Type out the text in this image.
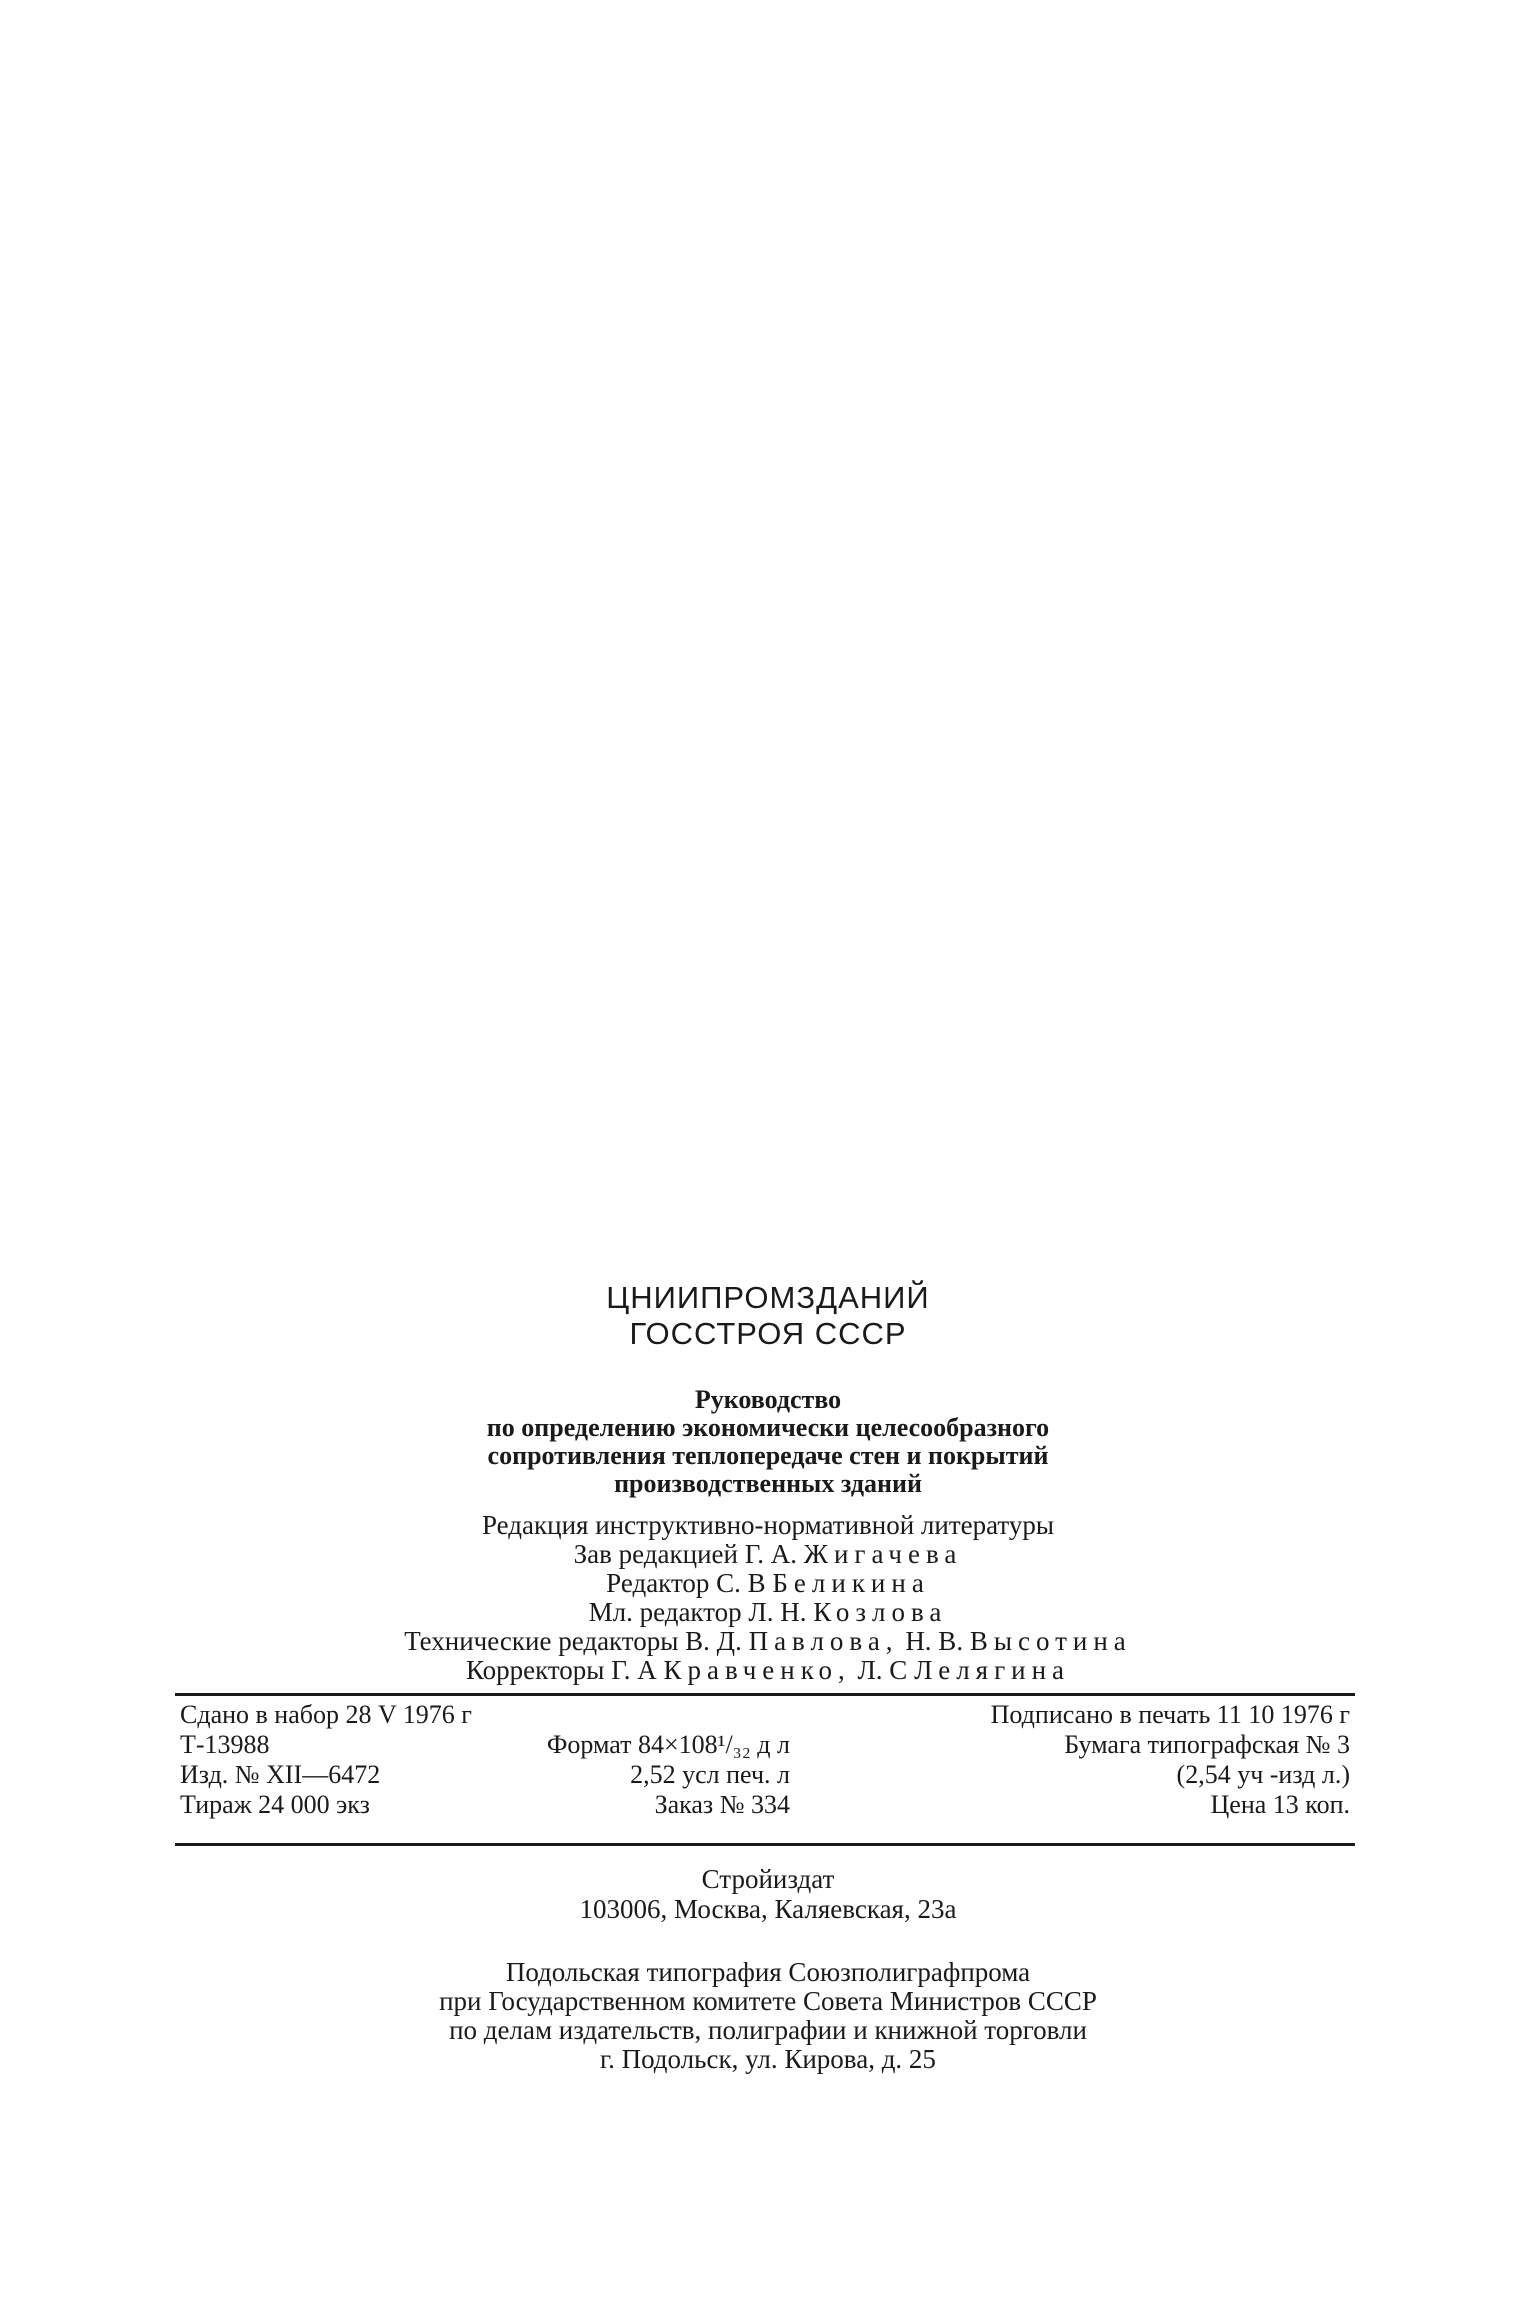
ЦНИИПРОМЗДАНИЙ
ГОССТРОЯ СССР
Руководство
по определению экономически целесообразного
сопротивления теплопередаче стен и покрытий
производственных зданий
Редакция инструктивно-нормативной литературы
Зав редакцией Г. А. Жигачева
Редактор С. В Беликина
Мл. редактор Л. Н. Козлова
Технические редакторы В. Д. Павлова, Н. В. Высотина
Корректоры Г. А Кравченко, Л. С Лелягина
Сдано в набор 28 V 1976 г	Подписано в печать 11 10 1976 г
Т-13988	Формат 84×108¹/₃₂ д л	Бумага типографская № 3
Изд. № XII—6472	2,52 усл печ. л	(2,54 уч -изд л.)
Тираж 24 000 экз	Заказ № 334	Цена 13 коп.
Стройиздат
103006, Москва, Каляевская, 23а
Подольская типография Союзполиграфпрома
при Государственном комитете Совета Министров СССР
по делам издательств, полиграфии и книжной торговли
г. Подольск, ул. Кирова, д. 25
